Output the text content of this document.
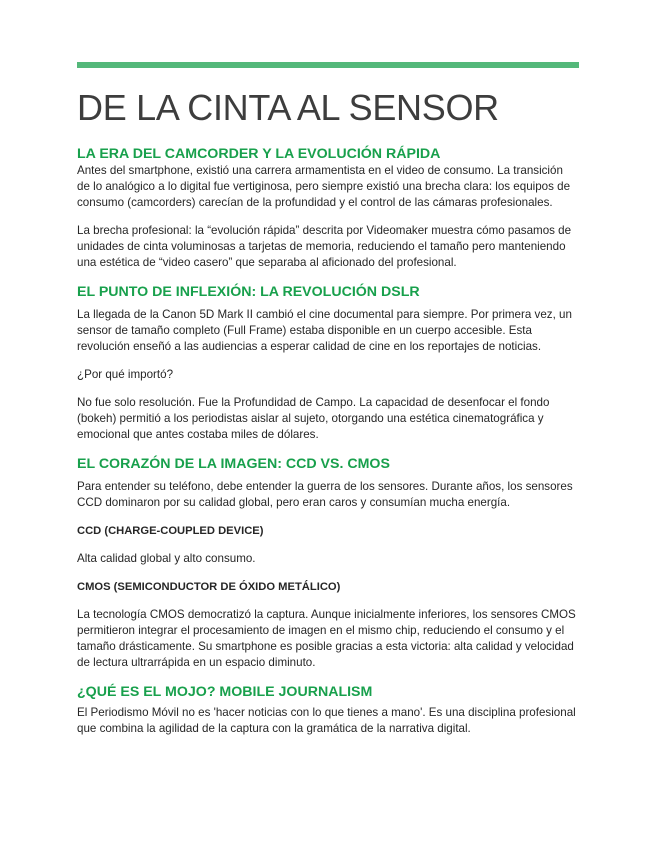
DE LA CINTA AL SENSOR
LA ERA DEL CAMCORDER Y LA EVOLUCIÓN RÁPIDA

Antes del smartphone, existió una carrera armamentista en el video de consumo. La transición de lo analógico a lo digital fue vertiginosa, pero siempre existió una brecha clara: los equipos de consumo (camcorders) carecían de la profundidad y el control de las cámaras profesionales.

La brecha profesional: la “evolución rápida” descrita por Videomaker muestra cómo pasamos de unidades de cinta voluminosas a tarjetas de memoria, reduciendo el tamaño pero manteniendo una estética de “video casero” que separaba al aficionado del profesional.

EL PUNTO DE INFLEXIÓN: LA REVOLUCIÓN DSLR

La llegada de la Canon 5D Mark II cambió el cine documental para siempre. Por primera vez, un sensor de tamaño completo (Full Frame) estaba disponible en un cuerpo accesible. Esta revolución enseñó a las audiencias a esperar calidad de cine en los reportajes de noticias.

¿Por qué importó?

No fue solo resolución. Fue la Profundidad de Campo. La capacidad de desenfocar el fondo (bokeh) permitió a los periodistas aislar al sujeto, otorgando una estética cinematográfica y emocional que antes costaba miles de dólares.

EL CORAZÓN DE LA IMAGEN: CCD VS. CMOS

Para entender su teléfono, debe entender la guerra de los sensores. Durante años, los sensores CCD dominaron por su calidad global, pero eran caros y consumían mucha energía.

CCD (CHARGE-COUPLED DEVICE)

Alta calidad global y alto consumo.

CMOS (SEMICONDUCTOR DE ÓXIDO METÁLICO)

La tecnología CMOS democratizó la captura. Aunque inicialmente inferiores, los sensores CMOS permitieron integrar el procesamiento de imagen en el mismo chip, reduciendo el consumo y el tamaño drásticamente. Su smartphone es posible gracias a esta victoria: alta calidad y velocidad de lectura ultrarrápida en un espacio diminuto.

¿QUÉ ES EL MOJO? MOBILE JOURNALISM

El Periodismo Móvil no es 'hacer noticias con lo que tienes a mano'. Es una disciplina profesional que combina la agilidad de la captura con la gramática de la narrativa digital.
